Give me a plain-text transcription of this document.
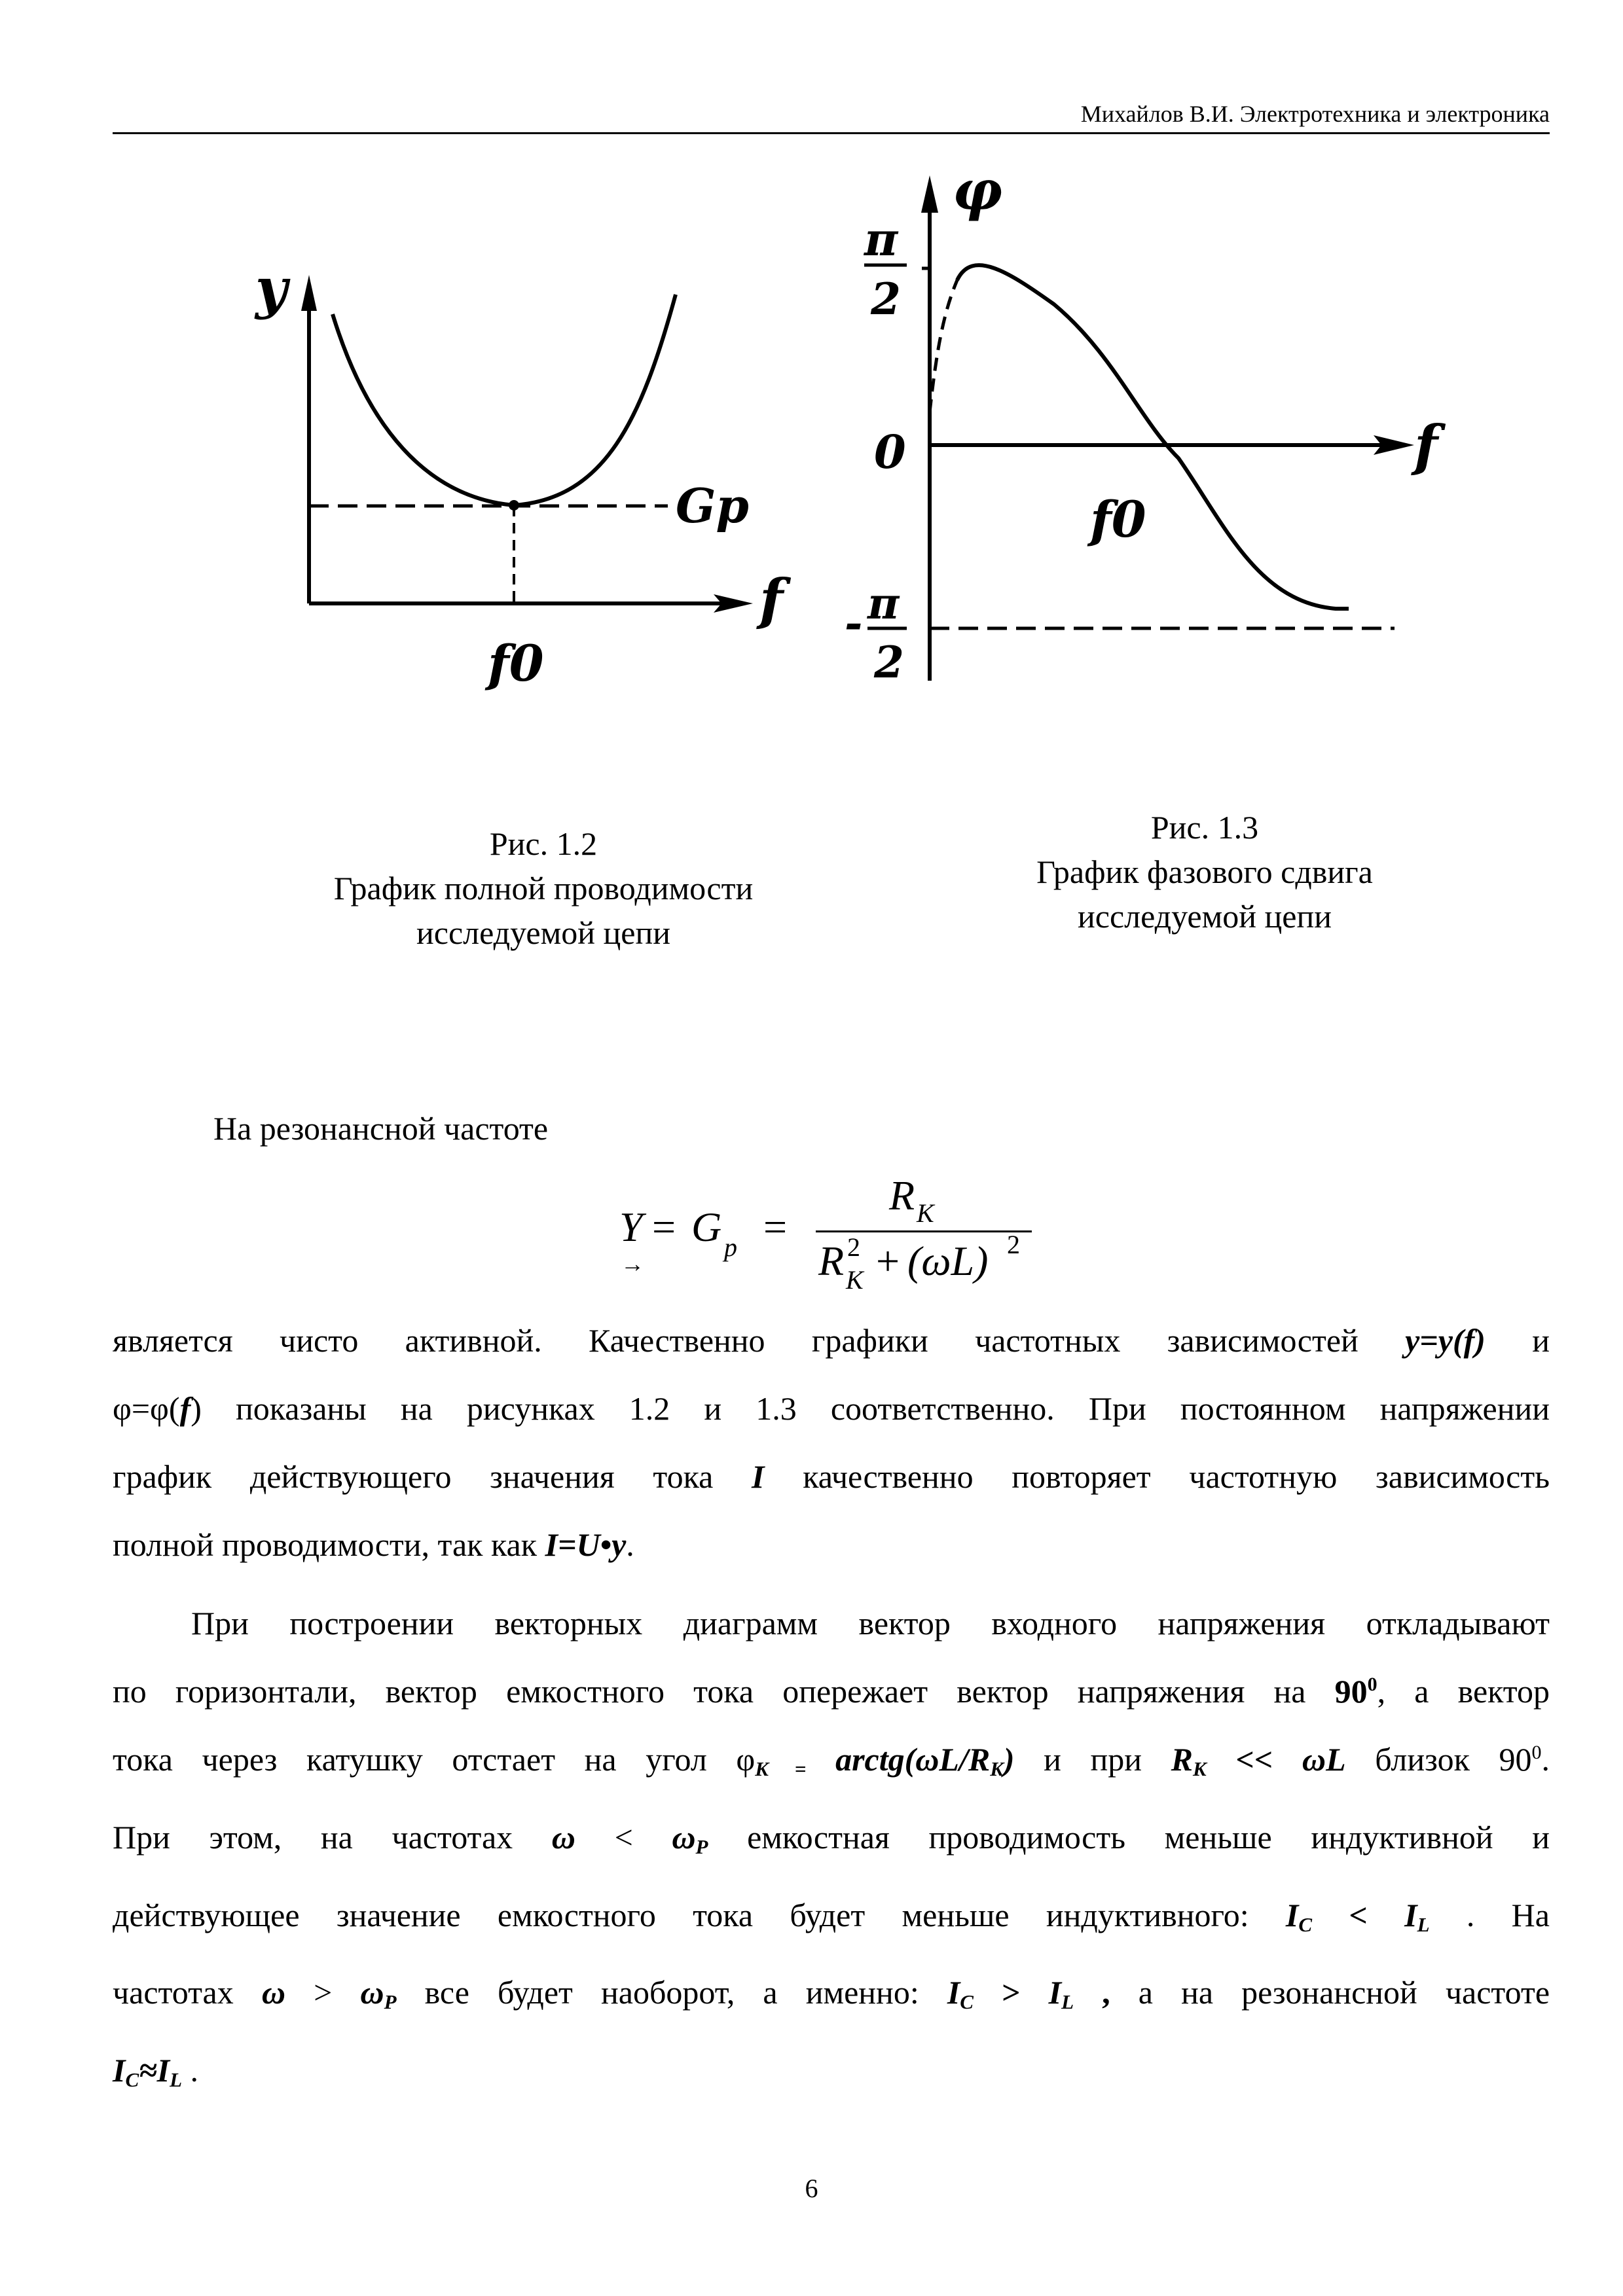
Михайлов В.И. Электротехника и электроника
y
Gp
f
f0
φ
π
2
0
- π
2
f
f0
Рис. 1.2
График полной проводимости
исследуемой цепи
Рис. 1.3
График фазового сдвига
исследуемой цепи
На резонансной частоте
Y
→
= G p =
R K
R 2
K + (ωL) 2
является чисто активной. Качественно графики частотных зависимостей y=y(f) и
φ=φ(f) показаны на рисунках 1.2 и 1.3 соответственно. При постоянном напряжении
график действующего значения тока I качественно повторяет частотную зависимость
полной проводимости, так как I=U•y.
При построении векторных диаграмм вектор входного напряжения откладывают
по горизонтали, вектор емкостного тока опережает вектор напряжения на $90^0$, а вектор
тока через катушку отстает на угол $\varphi_{K =}$ $arctg(\omega L/R_K)$ и при $R_K << \omega L$ близок $90^0$.
При этом, на частотах $\omega < \omega_P$ емкостная проводимость меньше индуктивной и
действующее значение емкостного тока будет меньше индуктивного: $I_C < I_L$ . На
частотах $\omega > \omega_P$ все будет наоборот, а именно: $I_C > I_L$ , а на резонансной частоте
$I_C\approx I_L$ .
6
